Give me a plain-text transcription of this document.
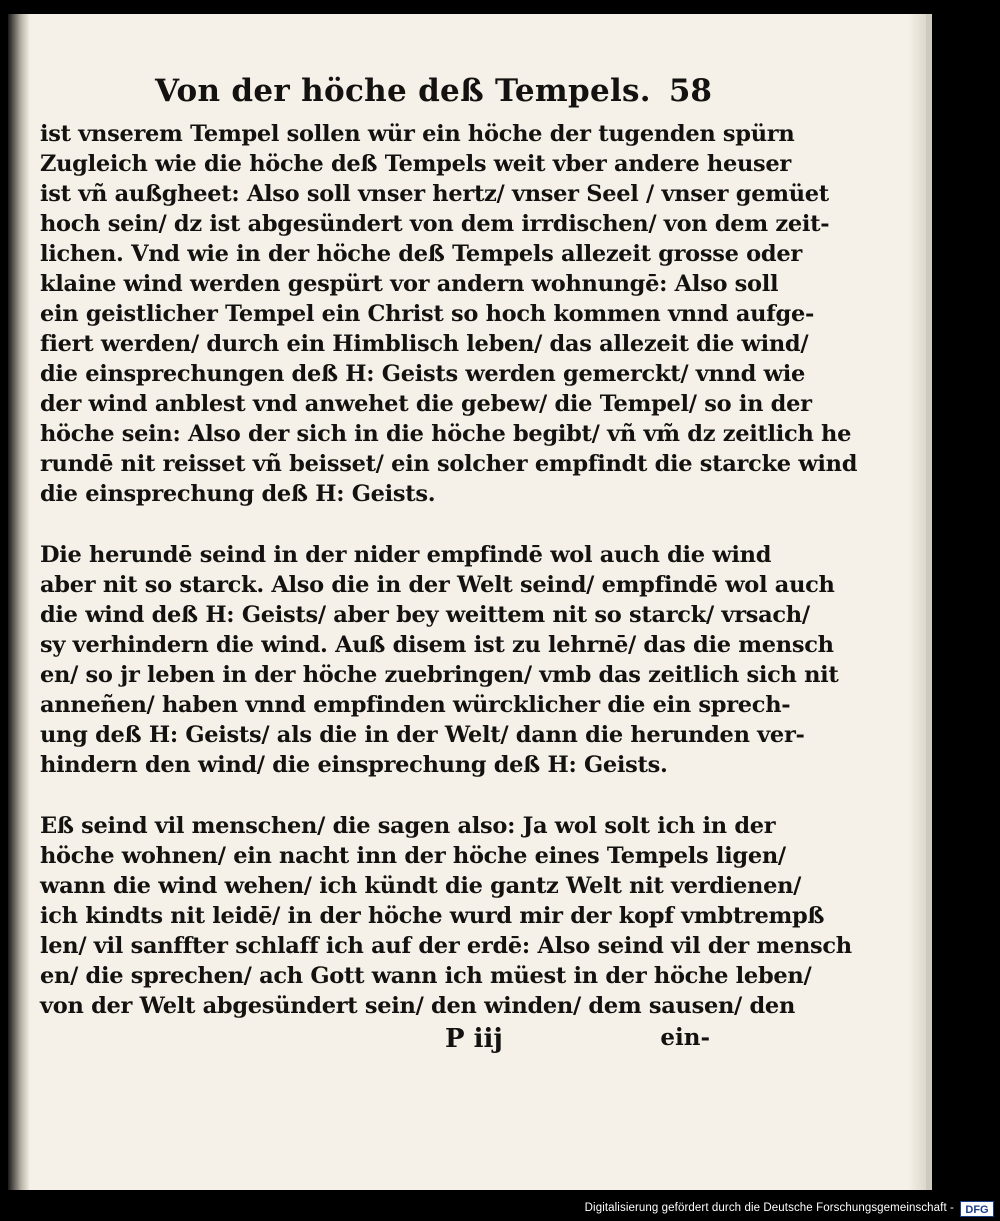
Von der höche deß Tempels. 58
ist vnserem Tempel sollen wür ein höche der tugenden spürn
Zugleich wie die höche deß Tempels weit vber andere heuser
ist vñ außgheet: Also soll vnser hertz/ vnser Seel / vnser gemüet
hoch sein/ dz ist abgesündert von dem irrdischen/ von dem zeit-
lichen. Vnd wie in der höche deß Tempels allezeit grosse oder
klaine wind werden gespürt vor andern wohnungē: Also soll
ein geistlicher Tempel ein Christ so hoch kommen vnnd aufge-
fiert werden/ durch ein Himblisch leben/ das allezeit die wind/
die einsprechungen deß H: Geists werden gemerckt/ vnnd wie
der wind anblest vnd anwehet die gebew/ die Tempel/ so in der
höche sein: Also der sich in die höche begibt/ vñ vm̃ dz zeitlich he
rundē nit reisset vñ beisset/ ein solcher empfindt die starcke wind
die einsprechung deß H: Geists.
Die herundē seind in der nider empfindē wol auch die wind
aber nit so starck. Also die in der Welt seind/ empfindē wol auch
die wind deß H: Geists/ aber bey weittem nit so starck/ vrsach/
sy verhindern die wind. Auß disem ist zu lehrnē/ das die mensch
en/ so jr leben in der höche zuebringen/ vmb das zeitlich sich nit
anneñen/ haben vnnd empfinden würcklicher die ein sprech-
ung deß H: Geists/ als die in der Welt/ dann die herunden ver-
hindern den wind/ die einsprechung deß H: Geists.
Eß seind vil menschen/ die sagen also: Ja wol solt ich in der
höche wohnen/ ein nacht inn der höche eines Tempels ligen/
wann die wind wehen/ ich kündt die gantz Welt nit verdienen/
ich kindts nit leidē/ in der höche wurd mir der kopf vmbtrempß
len/ vil sanffter schlaff ich auf der erdē: Also seind vil der mensch
en/ die sprechen/ ach Gott wann ich müest in der höche leben/
von der Welt abgesündert sein/ den winden/ dem sausen/ den
P iij	ein-
Digitalisierung gefördert durch die Deutsche Forschungsgemeinschaft -	DFG
